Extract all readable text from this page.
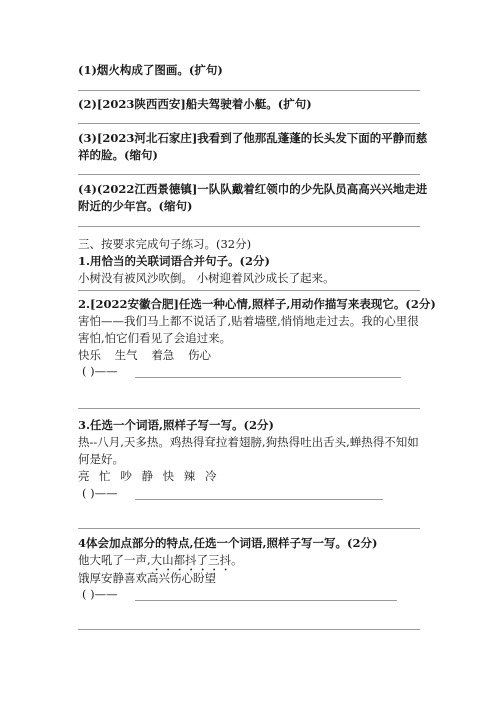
(1)烟火构成了图画。(扩句)
(2)[2023陕西西安]船夫驾驶着小艇。(扩句)
(3)[2023河北石家庄]我看到了他那乱蓬蓬的长头发下面的平静而慈
祥的脸。(缩句)
(4)(2022江西景德镇]一队队戴着红领巾的少先队员高高兴兴地走进
附近的少年宫。(缩句)
三、按要求完成句子练习。(32分)
1.用恰当的关联词语合并句子。(2分)
小树没有被风沙吹倒。 小树迎着风沙成长了起来。
2.[2022安徽合肥]任选一种心情,照样子,用动作描写来表现它。(2分)
害怕——我们马上都不说话了,贴着墙壁,悄悄地走过去。我的心里很
害怕,怕它们看见了会追过来。
快乐 生气 着急 伤心
( )——
3.任选一个词语,照样子写一写。(2分)
热--八月,天多热。鸡热得耷拉着翅膀,狗热得吐出舌头,蝉热得不知如
何是好。
亮 忙 吵 静 快 辣 冷
( )——
4体会加点部分的特点,任选一个词语,照样子写一写。(2分)
他大吼了一声,大山都抖了三抖。
饿厚安静喜欢高兴伤心盼望
( )——
